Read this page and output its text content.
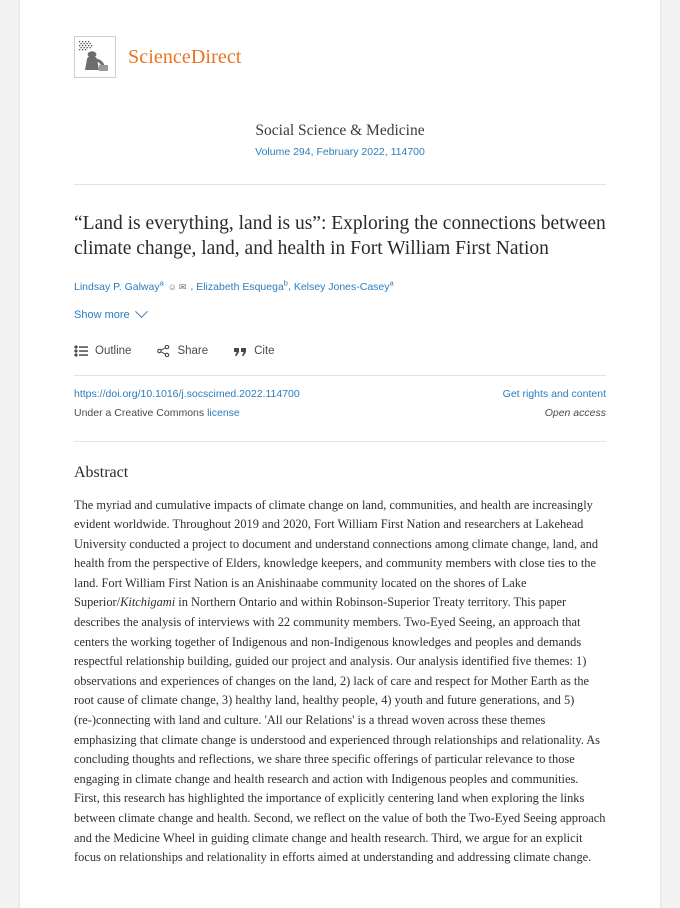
ScienceDirect
Social Science & Medicine
Volume 294, February 2022, 114700
“Land is everything, land is us”: Exploring the connections between climate change, land, and health in Fort William First Nation
Lindsay P. Galway$^a$ ☺ ✉ , Elizabeth Esquega$^b$, Kelsey Jones-Casey$^a$
Show more
Outline	Share	Cite
https://doi.org/10.1016/j.socscimed.2022.114700	Get rights and content
Under a Creative Commons license	Open access
Abstract
The myriad and cumulative impacts of climate change on land, communities, and health are increasingly evident worldwide. Throughout 2019 and 2020, Fort William First Nation and researchers at Lakehead University conducted a project to document and understand connections among climate change, land, and health from the perspective of Elders, knowledge keepers, and community members with close ties to the land. Fort William First Nation is an Anishinaabe community located on the shores of Lake Superior/Kitchigami in Northern Ontario and within Robinson-Superior Treaty territory. This paper describes the analysis of interviews with 22 community members. Two-Eyed Seeing, an approach that centers the working together of Indigenous and non-Indigenous knowledges and peoples and demands respectful relationship building, guided our project and analysis. Our analysis identified five themes: 1) observations and experiences of changes on the land, 2) lack of care and respect for Mother Earth as the root cause of climate change, 3) healthy land, healthy people, 4) youth and future generations, and 5) (re-)connecting with land and culture. 'All our Relations' is a thread woven across these themes emphasizing that climate change is understood and experienced through relationships and relationality. As concluding thoughts and reflections, we share three specific offerings of particular relevance to those engaging in climate change and health research and action with Indigenous peoples and communities. First, this research has highlighted the importance of explicitly centering land when exploring the links between climate change and health. Second, we reflect on the value of both the Two-Eyed Seeing approach and the Medicine Wheel in guiding climate change and health research. Third, we argue for an explicit focus on relationships and relationality in efforts aimed at understanding and addressing climate change.
